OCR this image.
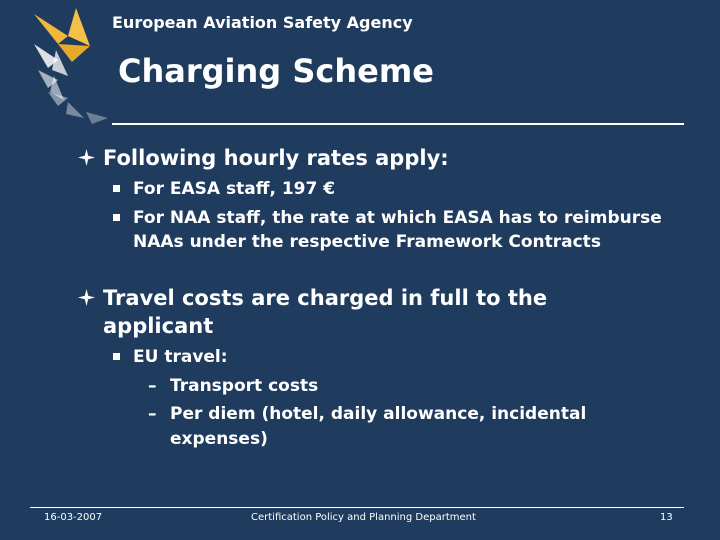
European Aviation Safety Agency
Charging Scheme
Following hourly rates apply:
For EASA staff, 197 €
For NAA staff, the rate at which EASA has to reimburse NAAs under the respective Framework Contracts
Travel costs are charged in full to the
applicant
EU travel:
– Transport costs
– Per diem (hotel, daily allowance, incidental expenses)
16-03-2007	Certification Policy and Planning Department	13
